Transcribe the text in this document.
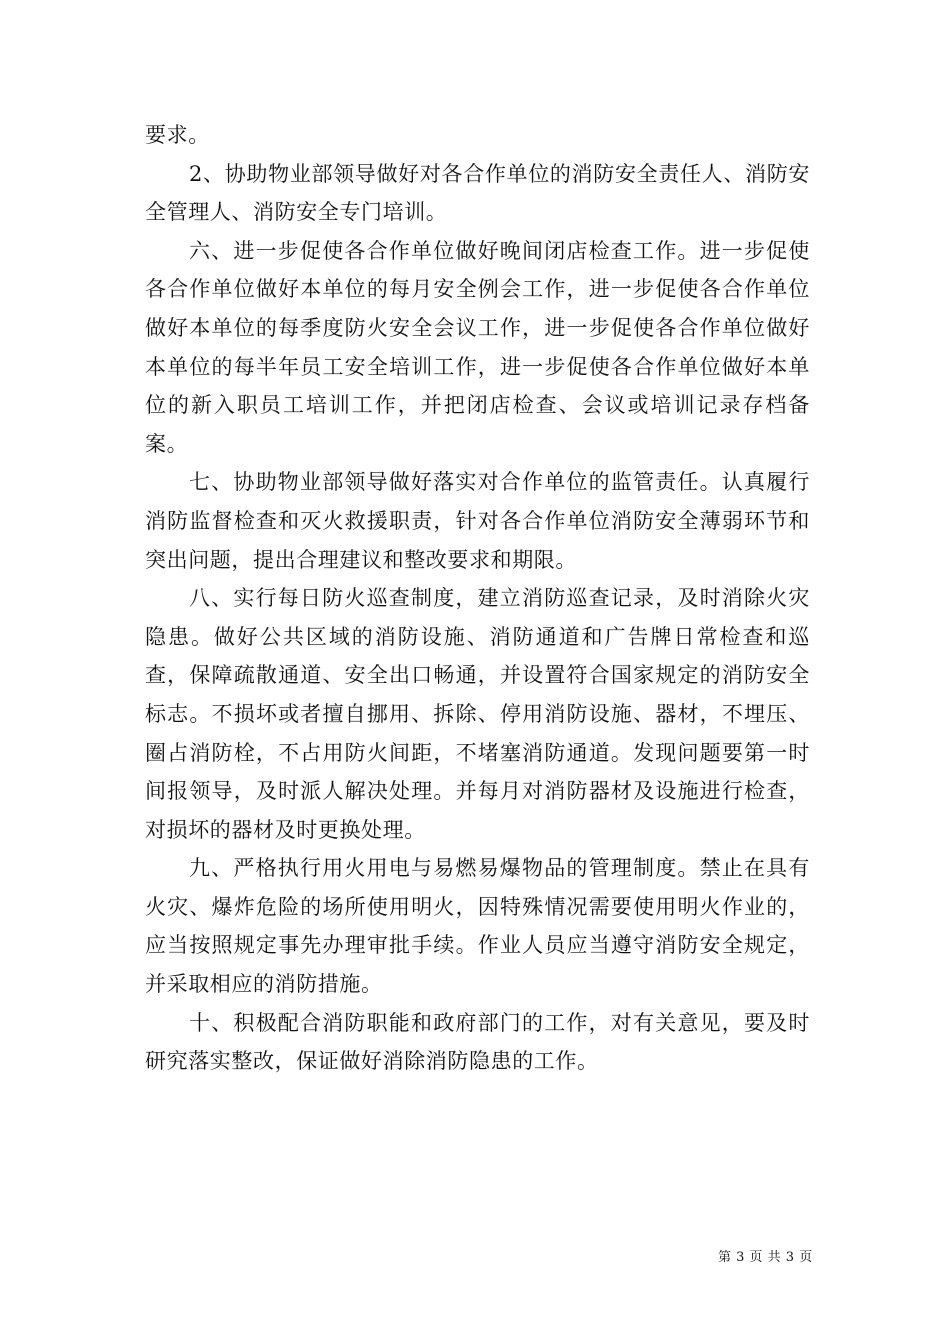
要求。

2、协助物业部领导做好对各合作单位的消防安全责任人、消防安全管理人、消防安全专门培训。

六、进一步促使各合作单位做好晚间闭店检查工作。进一步促使各合作单位做好本单位的每月安全例会工作，进一步促使各合作单位做好本单位的每季度防火安全会议工作，进一步促使各合作单位做好本单位的每半年员工安全培训工作，进一步促使各合作单位做好本单位的新入职员工培训工作，并把闭店检查、会议或培训记录存档备案。

七、协助物业部领导做好落实对合作单位的监管责任。认真履行消防监督检查和灭火救援职责，针对各合作单位消防安全薄弱环节和突出问题，提出合理建议和整改要求和期限。

八、实行每日防火巡查制度，建立消防巡查记录，及时消除火灾隐患。做好公共区域的消防设施、消防通道和广告牌日常检查和巡查，保障疏散通道、安全出口畅通，并设置符合国家规定的消防安全标志。不损坏或者擅自挪用、拆除、停用消防设施、器材，不埋压、圈占消防栓，不占用防火间距，不堵塞消防通道。发现问题要第一时间报领导，及时派人解决处理。并每月对消防器材及设施进行检查，对损坏的器材及时更换处理。

九、严格执行用火用电与易燃易爆物品的管理制度。禁止在具有火灾、爆炸危险的场所使用明火，因特殊情况需要使用明火作业的，应当按照规定事先办理审批手续。作业人员应当遵守消防安全规定，并采取相应的消防措施。

十、积极配合消防职能和政府部门的工作，对有关意见，要及时研究落实整改，保证做好消除消防隐患的工作。

第 3 页 共 3 页
